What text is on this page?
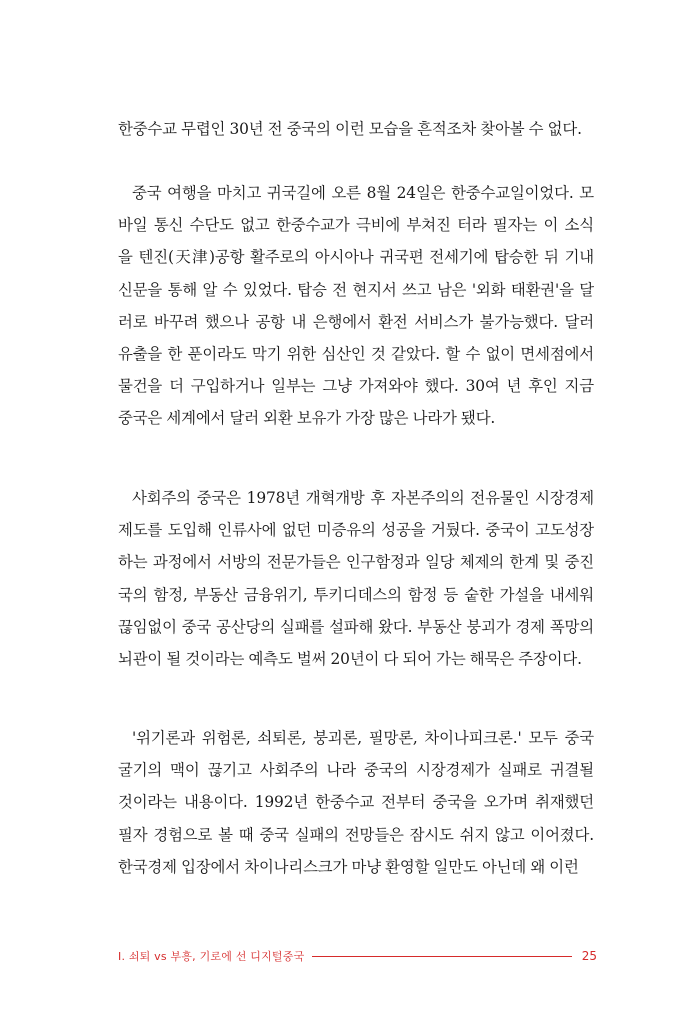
한중수교 무렵인 30년 전 중국의 이런 모습을 흔적조차 찾아볼 수 없다.
중국 여행을 마치고 귀국길에 오른 8월 24일은 한중수교일이었다. 모
바일 통신 수단도 없고 한중수교가 극비에 부쳐진 터라 필자는 이 소식
을 텐진(天津)공항 활주로의 아시아나 귀국편 전세기에 탑승한 뒤 기내
신문을 통해 알 수 있었다. 탑승 전 현지서 쓰고 남은 '외화 태환권'을 달
러로 바꾸려 했으나 공항 내 은행에서 환전 서비스가 불가능했다. 달러
유출을 한 푼이라도 막기 위한 심산인 것 같았다. 할 수 없이 면세점에서
물건을 더 구입하거나 일부는 그냥 가져와야 했다. 30여 년 후인 지금
중국은 세계에서 달러 외환 보유가 가장 많은 나라가 됐다.
사회주의 중국은 1978년 개혁개방 후 자본주의의 전유물인 시장경제
제도를 도입해 인류사에 없던 미증유의 성공을 거뒀다. 중국이 고도성장
하는 과정에서 서방의 전문가들은 인구함정과 일당 체제의 한계 및 중진
국의 함정, 부동산 금융위기, 투키디데스의 함정 등 숱한 가설을 내세워
끊임없이 중국 공산당의 실패를 설파해 왔다. 부동산 붕괴가 경제 폭망의
뇌관이 될 것이라는 예측도 벌써 20년이 다 되어 가는 해묵은 주장이다.
'위기론과 위험론, 쇠퇴론, 붕괴론, 필망론, 차이나피크론.' 모두 중국
굴기의 맥이 끊기고 사회주의 나라 중국의 시장경제가 실패로 귀결될
것이라는 내용이다. 1992년 한중수교 전부터 중국을 오가며 취재했던
필자 경험으로 볼 때 중국 실패의 전망들은 잠시도 쉬지 않고 이어졌다.
한국경제 입장에서 차이나리스크가 마냥 환영할 일만도 아닌데 왜 이런
I. 쇠퇴 vs 부흥, 기로에 선 디지털중국	25
